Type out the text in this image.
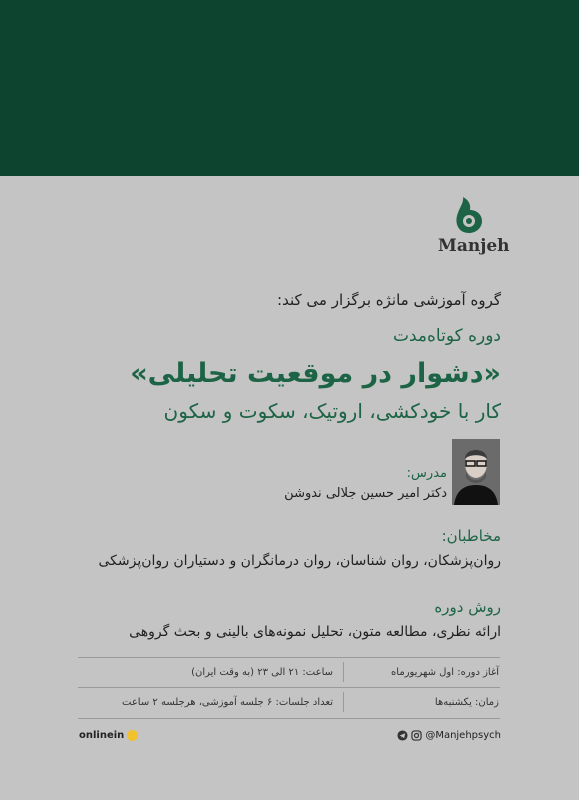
Manjeh
گروه آموزشی مانژه برگزار می کند:
دوره کوتاه‌مدت
«دشوار در موقعیت تحلیلی»
کار با خودکشی، اروتیک، سکوت و سکون
مدرس:
دکتر امیر حسین جلالی ندوشن
مخاطبان:
روان‌پزشکان، روان شناسان، روان درمانگران و دستیاران روان‌پزشکی
روش دوره
ارائه نظری، مطالعه متون، تحلیل نمونه‌های بالینی و بحث گروهی
آغاز دوره: اول شهریورماه
ساعت: ۲۱ الی ۲۳ (به وقت ایران)
زمان: یکشنبه‌ها
تعداد جلسات: ۶ جلسه آموزشی، هرجلسه ۲ ساعت
onlinein	@Manjehpsych
